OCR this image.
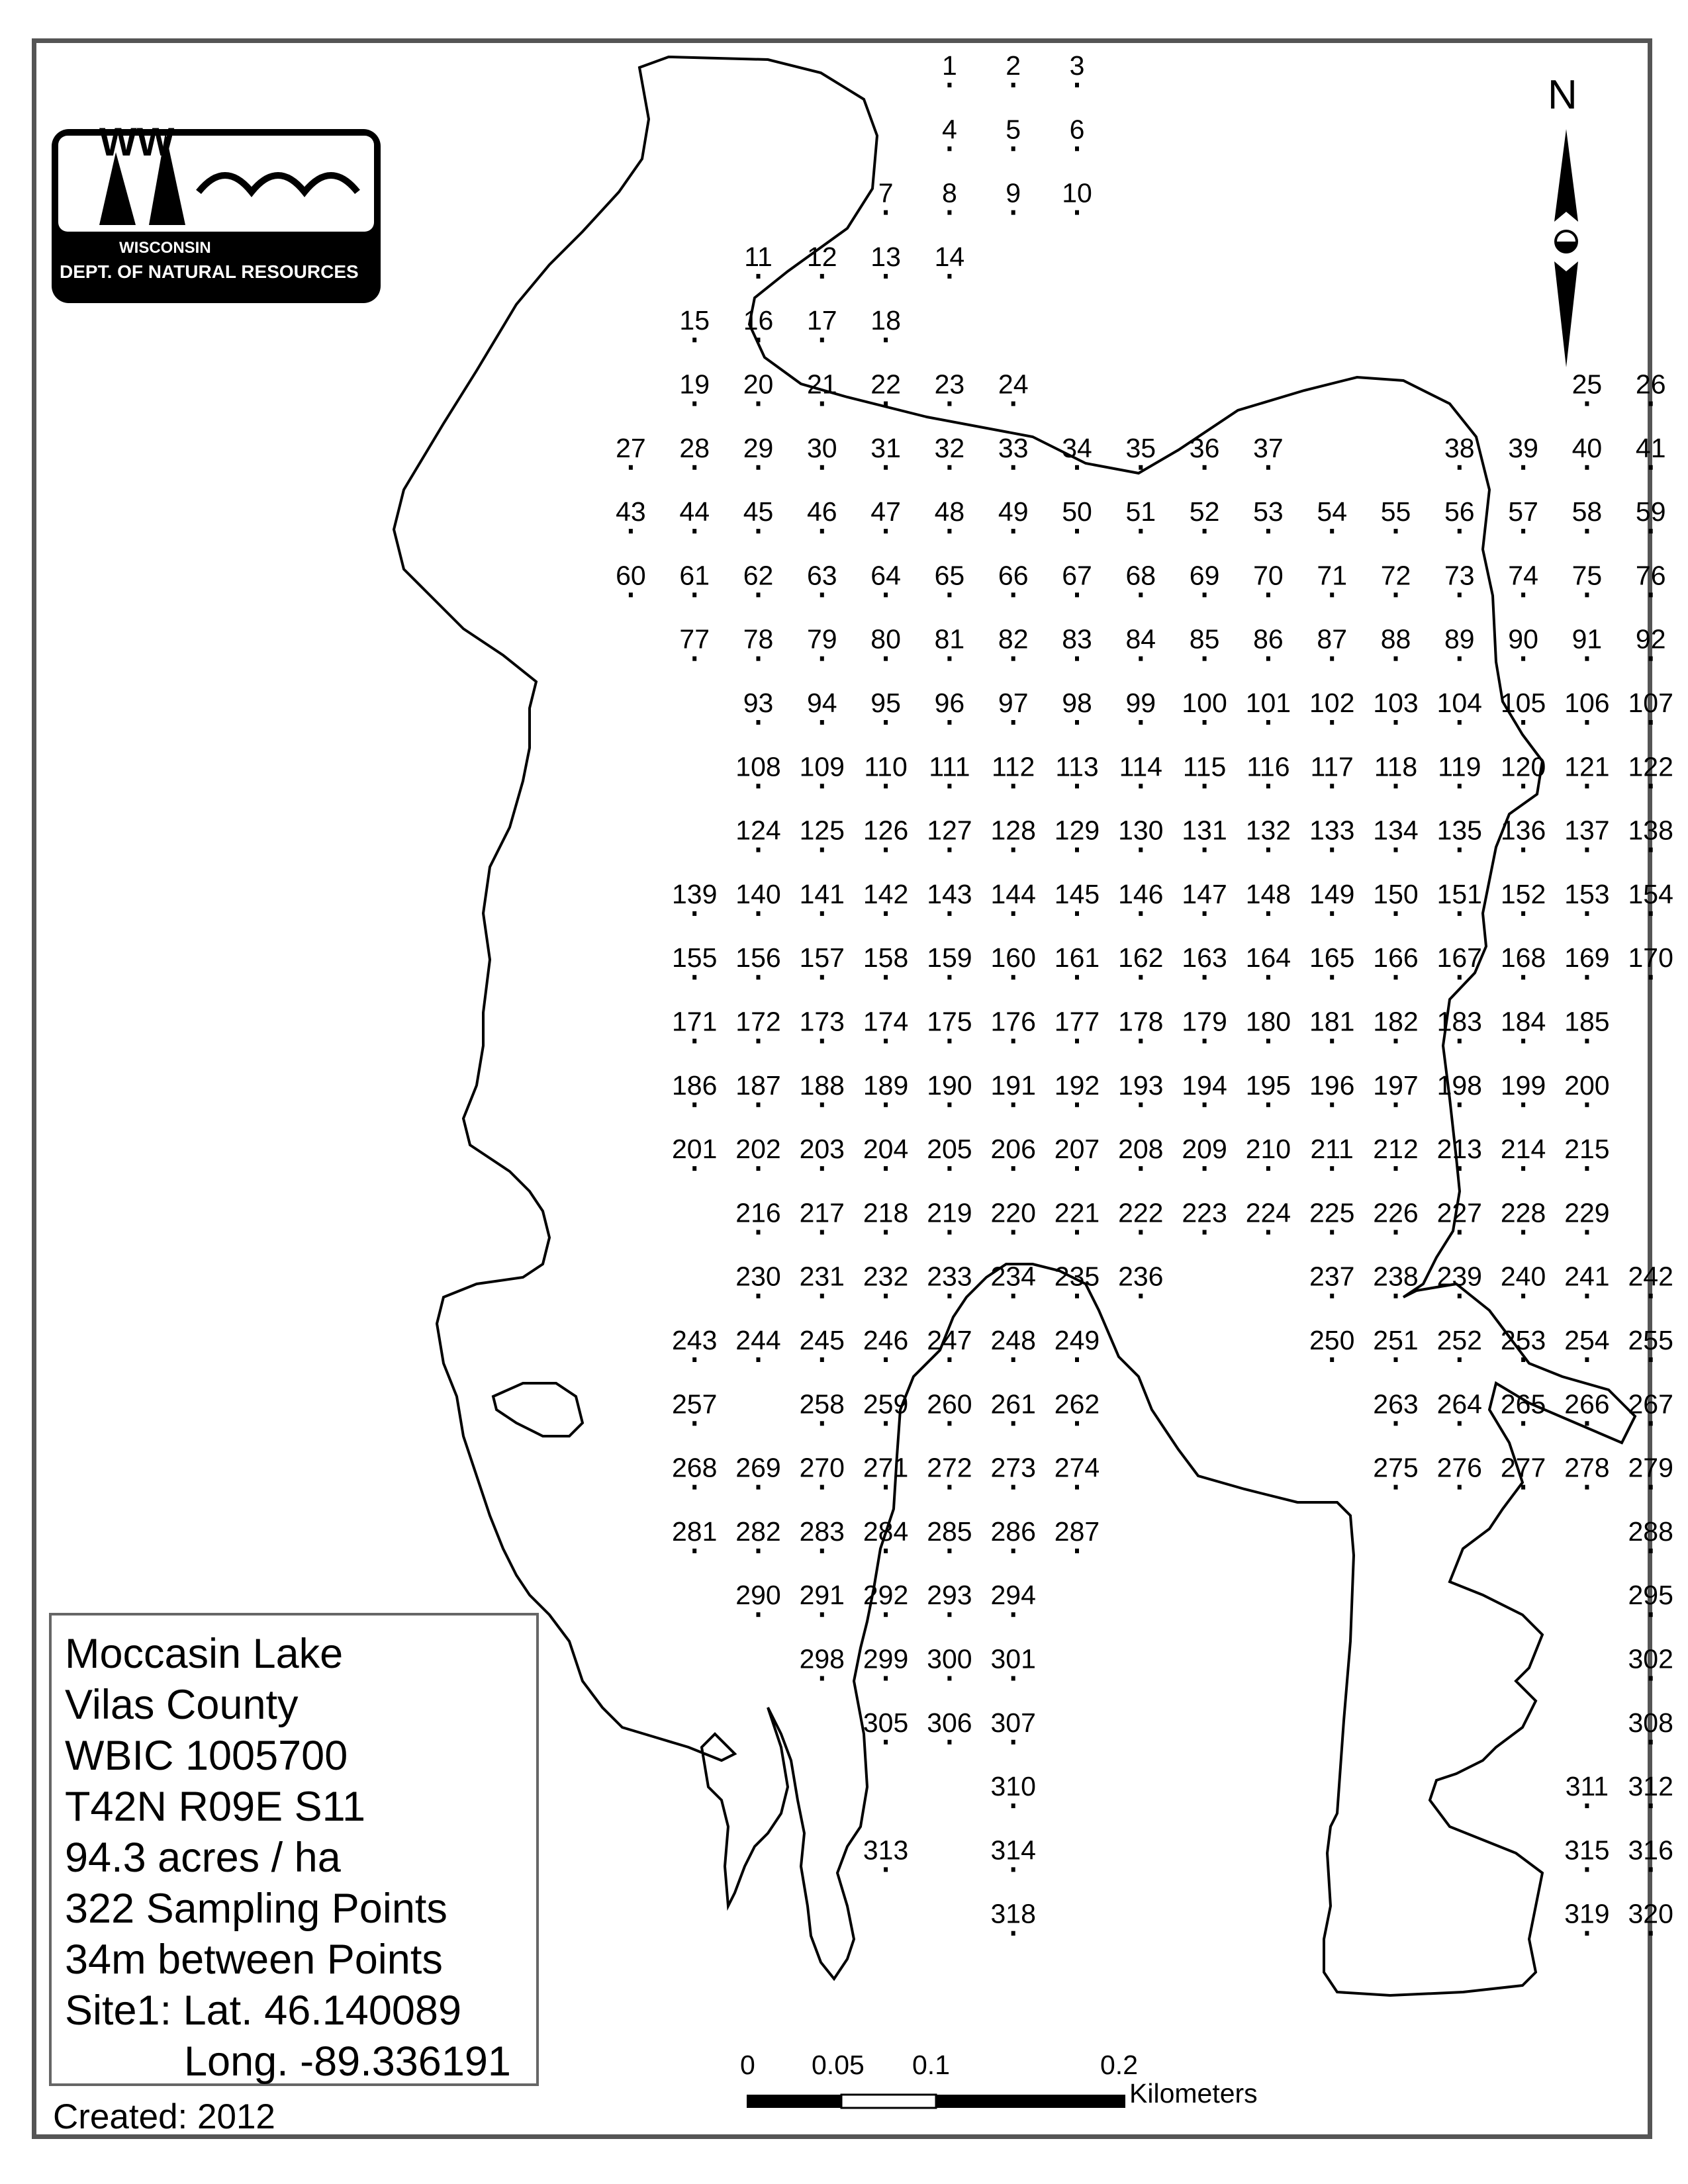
WW
WISCONSIN
DEPT. OF NATURAL RESOURCES
1 2 3
4 5 6
7 8 9 10
11 12 13 14
15 16 17 18
19 20 21 22 23 24	25 26
27 28 29 30 31 32 33 34 35 36 37	38 39 40 41
43 44 45 46 47 48 49 50 51 52 53 54 55 56 57 58 59
60 61 62 63 64 65 66 67 68 69 70 71 72 73 74 75 76
77 78 79 80 81 82 83 84 85 86 87 88 89 90 91 92
93 94 95 96 97 98 99 100 101 102 103 104 105 106 107
108 109 110 111 112 113 114 115 116 117 118 119 120 121 122
124 125 126 127 128 129 130 131 132 133 134 135 136 137 138
139 140 141 142 143 144 145 146 147 148 149 150 151 152 153 154
155 156 157 158 159 160 161 162 163 164 165 166 167 168 169 170
171 172 173 174 175 176 177 178 179 180 181 182 183 184 185
186 187 188 189 190 191 192 193 194 195 196 197 198 199 200
201 202 203 204 205 206 207 208 209 210 211 212 213 214 215
216 217 218 219 220 221 222 223 224 225 226 227 228 229
230 231 232 233 234 235 236	237 238 239 240 241 242
243 244 245 246 247 248 249	250 251 252 253 254 255
257	258 259 260 261 262	263 264 265 266 267
268 269 270 271 272 273 274	275 276 277 278 279
281 282 283 284 285 286 287	288
290 291 292 293 294	295
298 299 300 301	302
305 306 307	308
310	311 312
313	314	315 316
318	319 320
N
0 0.05 0.1	0.2
Kilometers
Moccasin Lake
Vilas County
WBIC 1005700
T42N R09E S11
94.3 acres / ha
322 Sampling Points
34m between Points
Site1: Lat. 46.140089
Long. -89.336191
Created: 2012
